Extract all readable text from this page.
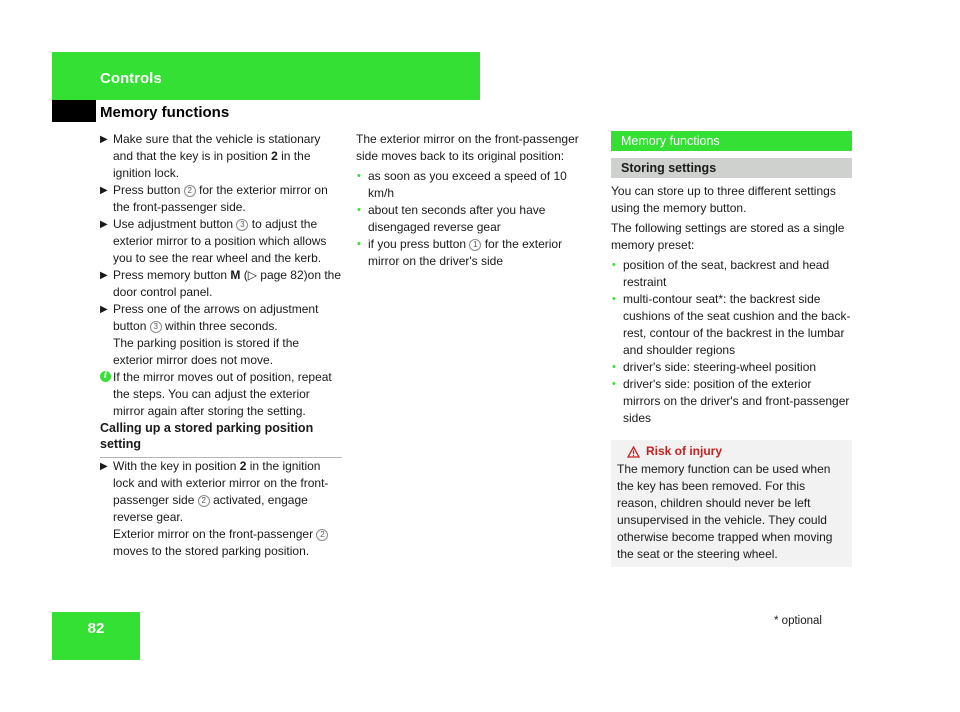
Controls
Memory functions

▶ Make sure that the vehicle is stationary and that the key is in position 2 in the ignition lock.

▶ Press button 2 for the exterior mirror on the front-passenger side.

▶ Use adjustment button 3 to adjust the exterior mirror to a position which allows you to see the rear wheel and the kerb.

▶ Press memory button M (▷ page 82)on the door control panel.

▶ Press one of the arrows on adjustment button 3 within three seconds.

The parking position is stored if the exterior mirror does not move.

i If the mirror moves out of position, repeat the steps. You can adjust the exterior mirror again after storing the setting.

Calling up a stored parking position setting

▶ With the key in position 2 in the ignition lock and with exterior mirror on the front-passenger side 2 activated, engage reverse gear.

Exterior mirror on the front-passenger 2 moves to the stored parking position.

The exterior mirror on the front-passenger side moves back to its original position:

• as soon as you exceed a speed of 10 km/h

• about ten seconds after you have disengaged reverse gear

• if you press button 1 for the exterior mirror on the driver's side

Memory functions
Storing settings

You can store up to three different settings using the memory button.

The following settings are stored as a single memory preset:

• position of the seat, backrest and head restraint

• multi-contour seat*: the backrest side cushions of the seat cushion and the back-rest, contour of the backrest in the lumbar and shoulder regions

• driver's side: steering-wheel position

• driver's side: position of the exterior mirrors on the driver's and front-passenger sides

Risk of injury

The memory function can be used when the key has been removed. For this reason, children should never be left unsupervised in the vehicle. They could otherwise become trapped when moving the seat or the steering wheel.

82	* optional
